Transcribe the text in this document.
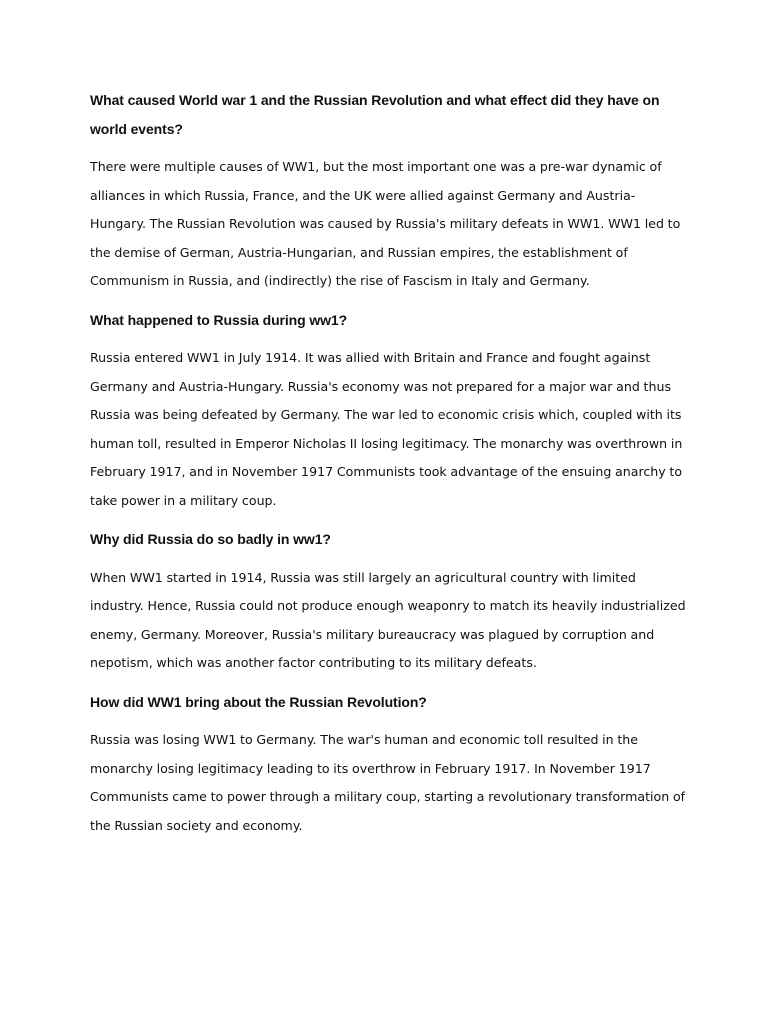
What caused World war 1 and the Russian Revolution and what effect did they have on world events?

There were multiple causes of WW1, but the most important one was a pre-war dynamic of alliances in which Russia, France, and the UK were allied against Germany and Austria-Hungary. The Russian Revolution was caused by Russia's military defeats in WW1. WW1 led to the demise of German, Austria-Hungarian, and Russian empires, the establishment of Communism in Russia, and (indirectly) the rise of Fascism in Italy and Germany.

What happened to Russia during ww1?

Russia entered WW1 in July 1914. It was allied with Britain and France and fought against Germany and Austria-Hungary. Russia's economy was not prepared for a major war and thus Russia was being defeated by Germany. The war led to economic crisis which, coupled with its human toll, resulted in Emperor Nicholas II losing legitimacy. The monarchy was overthrown in February 1917, and in November 1917 Communists took advantage of the ensuing anarchy to take power in a military coup.

Why did Russia do so badly in ww1?

When WW1 started in 1914, Russia was still largely an agricultural country with limited industry. Hence, Russia could not produce enough weaponry to match its heavily industrialized enemy, Germany. Moreover, Russia's military bureaucracy was plagued by corruption and nepotism, which was another factor contributing to its military defeats.

How did WW1 bring about the Russian Revolution?

Russia was losing WW1 to Germany. The war's human and economic toll resulted in the monarchy losing legitimacy leading to its overthrow in February 1917. In November 1917 Communists came to power through a military coup, starting a revolutionary transformation of the Russian society and economy.
